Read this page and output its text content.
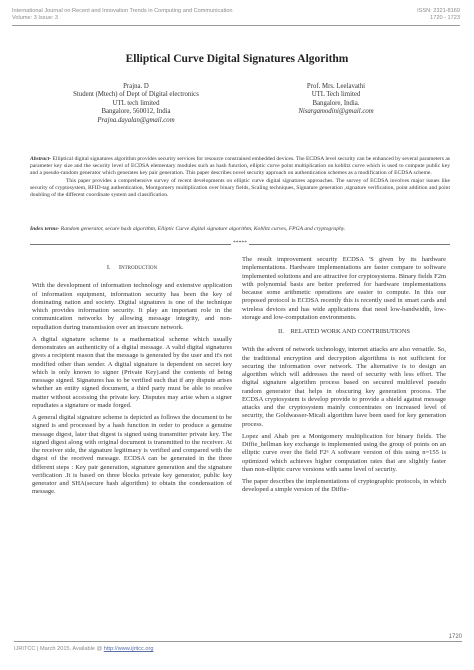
International Journal on Recent and Innovation Trends in Computing and Communication
Volume: 3 Issue: 3
ISSN: 2321-8169
1720 - 1723
Elliptical Curve Digital Signatures Algorithm
Prajna. D
Student (Mtech) of Dept of Digital electronics
UTL tech limited
Bangalore, 560012, India
Prajna.dayalan@gmail.com
Prof. Mrs. Leelavathi
UTL Tech limited
Bangalore, India.
Nisargamodini@gmail.com

Abstract- Elliptical digital signatures algorithm provides security services for resource constrained embedded devices. The ECDSA level security can be enhanced by several parameters as parameter key size and the security level of ECDSA elementary modules such as hash function, elliptic curve point multiplication on koblitz curve which is used to compute public key and a pseudo-random generator which generates key pair generation. This paper describes novel security approach on authentication schemes as a modification of ECDSA scheme.

This paper provides a comprehensive survey of recent developments on elliptic curve digital signatures approaches. The survey of ECDSA involves major issues like security of cryptosystem, RFID-tag authentication, Montgomery multiplication over binary fields, Scaling techniques, Signature generation ,signature verification, point addition and point doubling of the different coordinate system and classification.

Index terms- Random generator, secure hash algorithm, Elliptic Curve digital signature algorithm, Koblitz curves, FPGA and cryptography.
*****
I. Introduction

With the development of information technology and extensive application of information equipment, information security has been the key of dominating nation and society. Digital signatures is one of the technique which provides information security. It play an important role in the communication networks by allowing message integrity, and non-repudiation during transmission over an insecure network.

A digital signature scheme is a mathematical scheme which usually demonstrates an authenticity of a digital message. A valid digital signatures gives a recipient reason that the message is generated by the user and it's not modified other than sender. A digital signature is dependent on secret key which is only known to signer (Private Key).and the contents of being message signed. Signatures has to be verified such that if any dispute arises whether an entity signed document, a third party must be able to resolve matter without accessing the private key. Disputes may arise when a signer repudiates a signature or made forged.

A general digital signature scheme is depicted as follows the document to be signed is and processed by a hash function in order to produce a genuine message digest, later that digest is signed using transmitter private key. The signed digest along with original document is transmitted to the receiver. At the receiver side, the signature legitimacy is verified and compared with the digest of the received message. ECDSA can be generated in the three different steps : Key pair generation, signature generation and the signature verification .It is based on three blocks private key generator, public key generator and SHA(secure hash algorithm) to obtain the condensation of message.

The result improvement security ECDSA 'S given by its hardware implementations. Hardware implementations are faster compare to software implemented solutions and are attractive for cryptosystems. Binary fields F2m with polynomial basis are better preferred for hardware implementations because some arithmetic operations are easier to compute. In this our proposed protocol is ECDSA recently this is recently used in smart cards and wireless devices and has wide applications that need low-bandwidth, low-storage and low-computation environments.

II. RELATED WORK AND CONTRIBUTIONS

With the advent of network technology, internet attacks are also versatile. So, the traditional encryption and decryption algorithms is not sufficient for securing the information over network. The alternative is to design an algorithm which will addresses the need of security with less effort. The digital signature algorithm process based on secured multilevel pseudo random generator that helps in obscuring key generation process. The ECDSA cryptosystem is develop provide to provide a shield against message attacks and the cryptosystem mainly concentrates on increased level of security, the Goldwasser-Micali algorithm have been used for key generation process.

Lopez and Ahab pre a Montgomery multiplication for binary fields. The Diffie_hellman key exchange is implemented using the group of points on an elliptic curve over the field F2ⁿ A software version of this using n=155 is optimized which achieves higher computation rates that are slightly faster than non-elliptic curve versions with same level of security.

The paper describes the implementations of cryptographic protocols, in which developed a simple version of the Diffie-

1720
IJRITCC | March 2015, Available @ http://www.ijritcc.org
